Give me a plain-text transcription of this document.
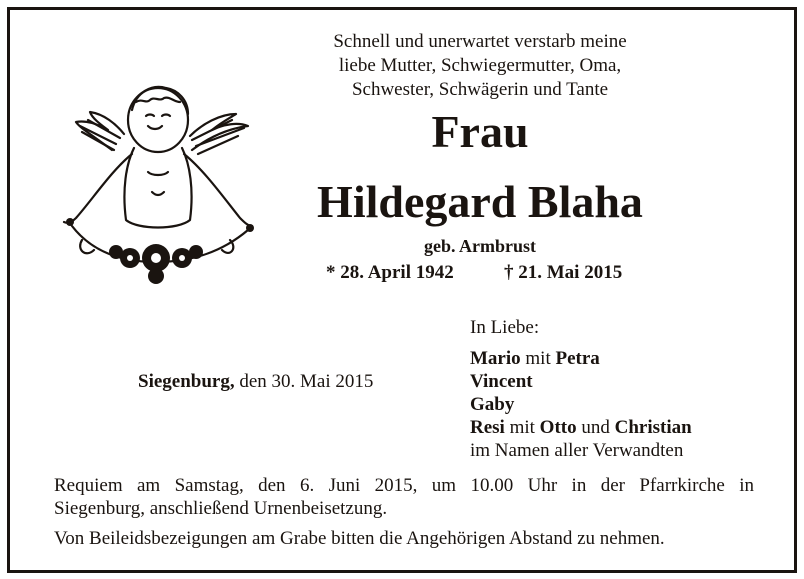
Schnell und unerwartet verstarb meine
liebe Mutter, Schwiegermutter, Oma,
Schwester, Schwägerin und Tante
Frau
Hildegard Blaha
geb. Armbrust
* 28. April 1942	† 21. Mai 2015
Siegenburg, den 30. Mai 2015
In Liebe:
Mario mit Petra
Vincent
Gaby
Resi mit Otto und Christian
im Namen aller Verwandten
Requiem am Samstag, den 6. Juni 2015, um 10.00 Uhr in der Pfarrkirche in
Siegenburg, anschließend Urnenbeisetzung.
Von Beileidsbezeigungen am Grabe bitten die Angehörigen Abstand zu nehmen.
